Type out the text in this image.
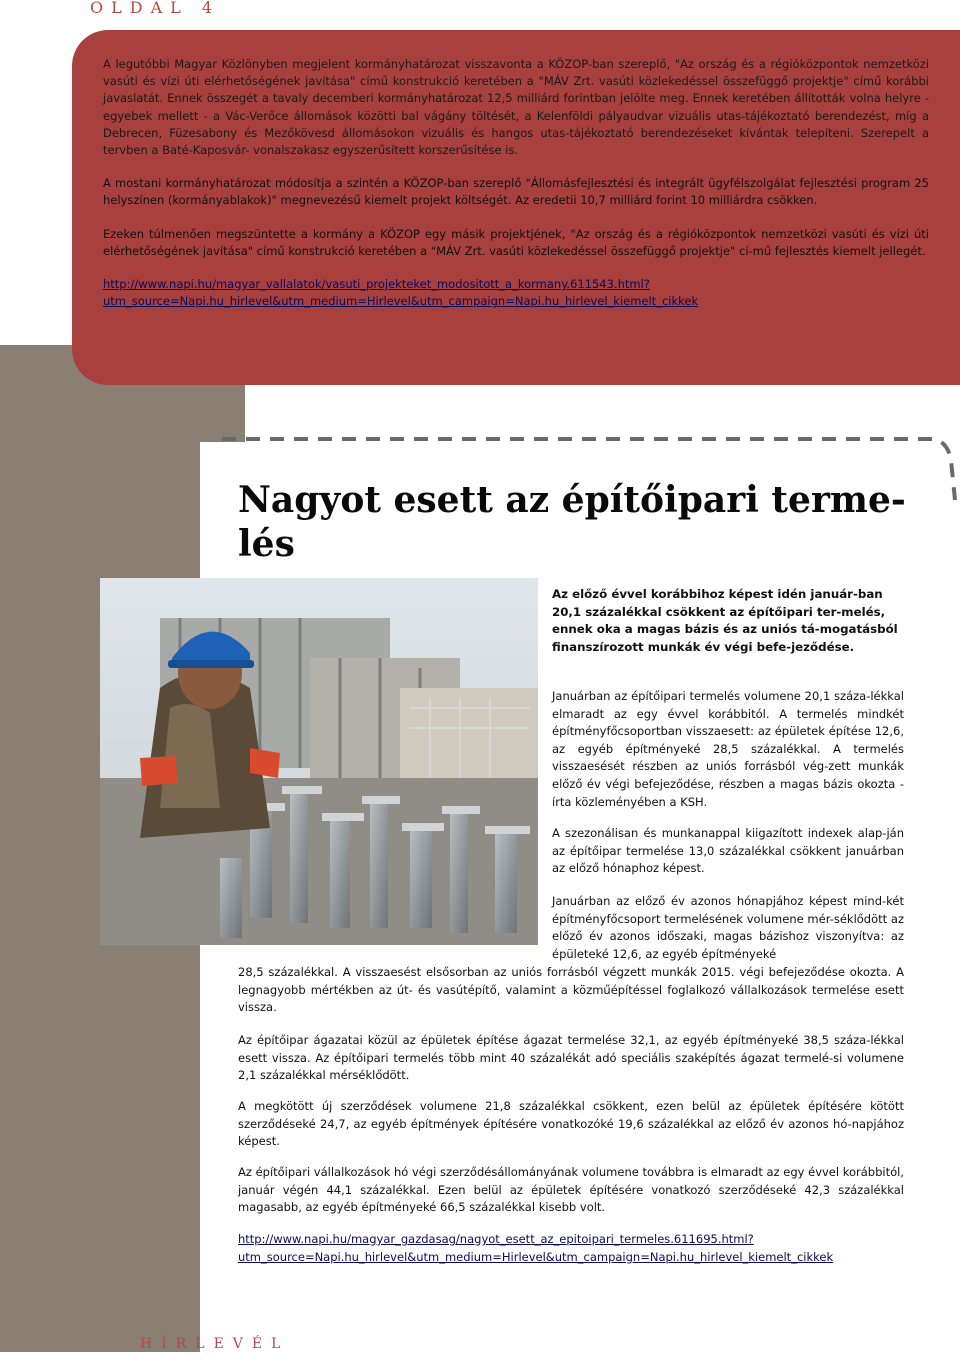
OLDAL 4

A legutóbbi Magyar Közlönyben megjelent kormányhatározat visszavonta a KÖZOP-ban szereplő, "Az ország és a régióközpontok nemzetközi vasúti és vízi úti elérhetőségének javítása" című konstrukció keretében a "MÁV Zrt. vasúti közlekedéssel összefüggő projektje" című korábbi javaslatát. Ennek összegét a tavaly decemberi kormányhatározat 12,5 milliárd forintban jelölte meg. Ennek keretében állították volna helyre - egyebek mellett - a Vác-Verőce állomások közötti bal vágány töltését, a Kelenföldi pályaudvar vizuális utas-tájékoztató berendezést, míg a Debrecen, Füzesabony és Mezőkövesd állomásokon vizuális és hangos utas-tájékoztató berendezéseket kívántak telepíteni. Szerepelt a tervben a Baté-Kaposvár- vonalszakasz egyszerűsített korszerűsítése is.

A mostani kormányhatározat módosítja a szintén a KÖZOP-ban szereplő "Állomásfejlesztési és integrált ügyfélszolgálat fejlesztési program 25 helyszínen (kormányablakok)" megnevezésű kiemelt projekt költségét. Az eredetii 10,7 milliárd forint 10 milliárdra csökken.

Ezeken túlmenően megszüntette a kormány a KÖZOP egy másik projektjének, "Az ország és a régióközpontok nemzetközi vasúti és vízi úti elérhetőségének javítása" című konstrukció keretében a "MÁV Zrt. vasúti közlekedéssel összefüggő projektje" cí-mű fejlesztés kiemelt jellegét.

http://www.napi.hu/magyar_vallalatok/vasuti_projekteket_modositott_a_kormany.611543.html?
utm_source=Napi.hu_hirlevel&utm_medium=Hirlevel&utm_campaign=Napi.hu_hirlevel_kiemelt_cikkek

Nagyot esett az építőipari terme-
lés

Az előző évvel korábbihoz képest idén január-ban 20,1 százalékkal csökkent az építőipari ter-melés, ennek oka a magas bázis és az uniós tá-mogatásból finanszírozott munkák év végi befe-jeződése.

Januárban az építőipari termelés volumene 20,1 száza-lékkal elmaradt az egy évvel korábbitól. A termelés mindkét építményfőcsoportban visszaesett: az épületek építése 12,6, az egyéb építményeké 28,5 százalékkal. A termelés visszaesését részben az uniós forrásból vég-zett munkák előző év végi befejeződése, részben a magas bázis okozta - írta közleményében a KSH.

A szezonálisan és munkanappal kiigazított indexek alap-ján az építőipar termelése 13,0 százalékkal csökkent januárban az előző hónaphoz képest.

Januárban az előző év azonos hónapjához képest mind-két építményfőcsoport termelésének volumene mér-séklődött az előző év azonos időszaki, magas bázishoz viszonyítva: az épületeké 12,6, az egyéb építményeké

28,5 százalékkal. A visszaesést elsősorban az uniós forrásból végzett munkák 2015. végi befejeződése okozta. A legnagyobb mértékben az út- és vasútépítő, valamint a közműépítéssel foglalkozó vállalkozások termelése esett vissza.

Az építőipar ágazatai közül az épületek építése ágazat termelése 32,1, az egyéb építményeké 38,5 száza-lékkal esett vissza. Az építőipari termelés több mint 40 százalékát adó speciális szaképítés ágazat termelé-si volumene 2,1 százalékkal mérséklődött.

A megkötött új szerződések volumene 21,8 százalékkal csökkent, ezen belül az épületek építésére kötött szerződéseké 24,7, az egyéb építmények építésére vonatkozóké 19,6 százalékkal az előző év azonos hó-napjához képest.

Az építőipari vállalkozások hó végi szerződésállományának volumene továbbra is elmaradt az egy évvel korábbitól, január végén 44,1 százalékkal. Ezen belül az épületek építésére vonatkozó szerződéseké 42,3 százalékkal magasabb, az egyéb építményeké 66,5 százalékkal kisebb volt.

http://www.napi.hu/magyar_gazdasag/nagyot_esett_az_epitoipari_termeles.611695.html?
utm_source=Napi.hu_hirlevel&utm_medium=Hirlevel&utm_campaign=Napi.hu_hirlevel_kiemelt_cikkek

HÍRLEVÉL
